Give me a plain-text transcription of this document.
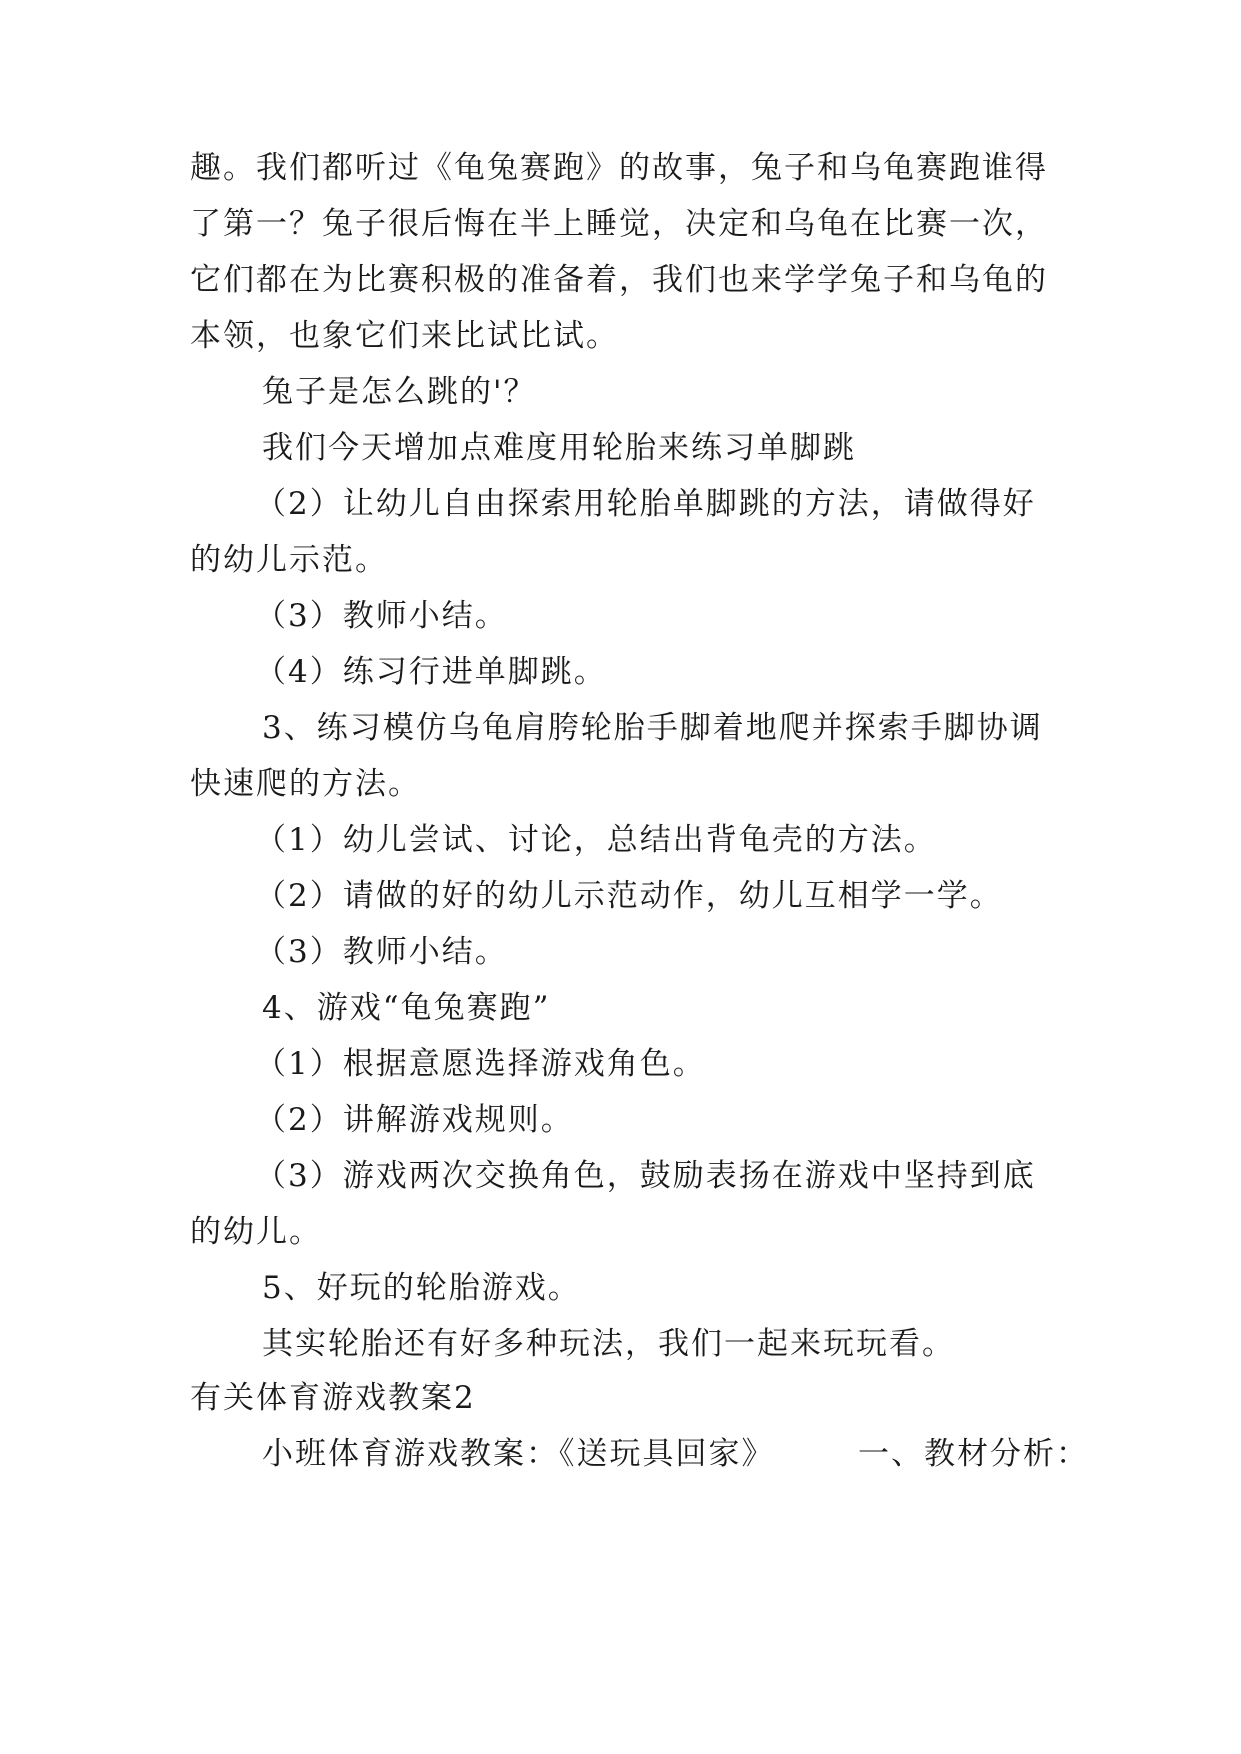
趣。我们都听过《龟兔赛跑》的故事，兔子和乌龟赛跑谁得
了第一？兔子很后悔在半上睡觉，决定和乌龟在比赛一次，
它们都在为比赛积极的准备着，我们也来学学兔子和乌龟的
本领，也象它们来比试比试。
兔子是怎么跳的'？
我们今天增加点难度用轮胎来练习单脚跳
（2）让幼儿自由探索用轮胎单脚跳的方法，请做得好
的幼儿示范。
（3）教师小结。
（4）练习行进单脚跳。
3、练习模仿乌龟肩胯轮胎手脚着地爬并探索手脚协调
快速爬的方法。
（1）幼儿尝试、讨论，总结出背龟壳的方法。
（2）请做的好的幼儿示范动作，幼儿互相学一学。
（3）教师小结。
4、游戏“龟兔赛跑”
（1）根据意愿选择游戏角色。
（2）讲解游戏规则。
（3）游戏两次交换角色，鼓励表扬在游戏中坚持到底
的幼儿。
5、好玩的轮胎游戏。
其实轮胎还有好多种玩法，我们一起来玩玩看。
有关体育游戏教案2
小班体育游戏教案：《送玩具回家》　　　一、教材分析：
